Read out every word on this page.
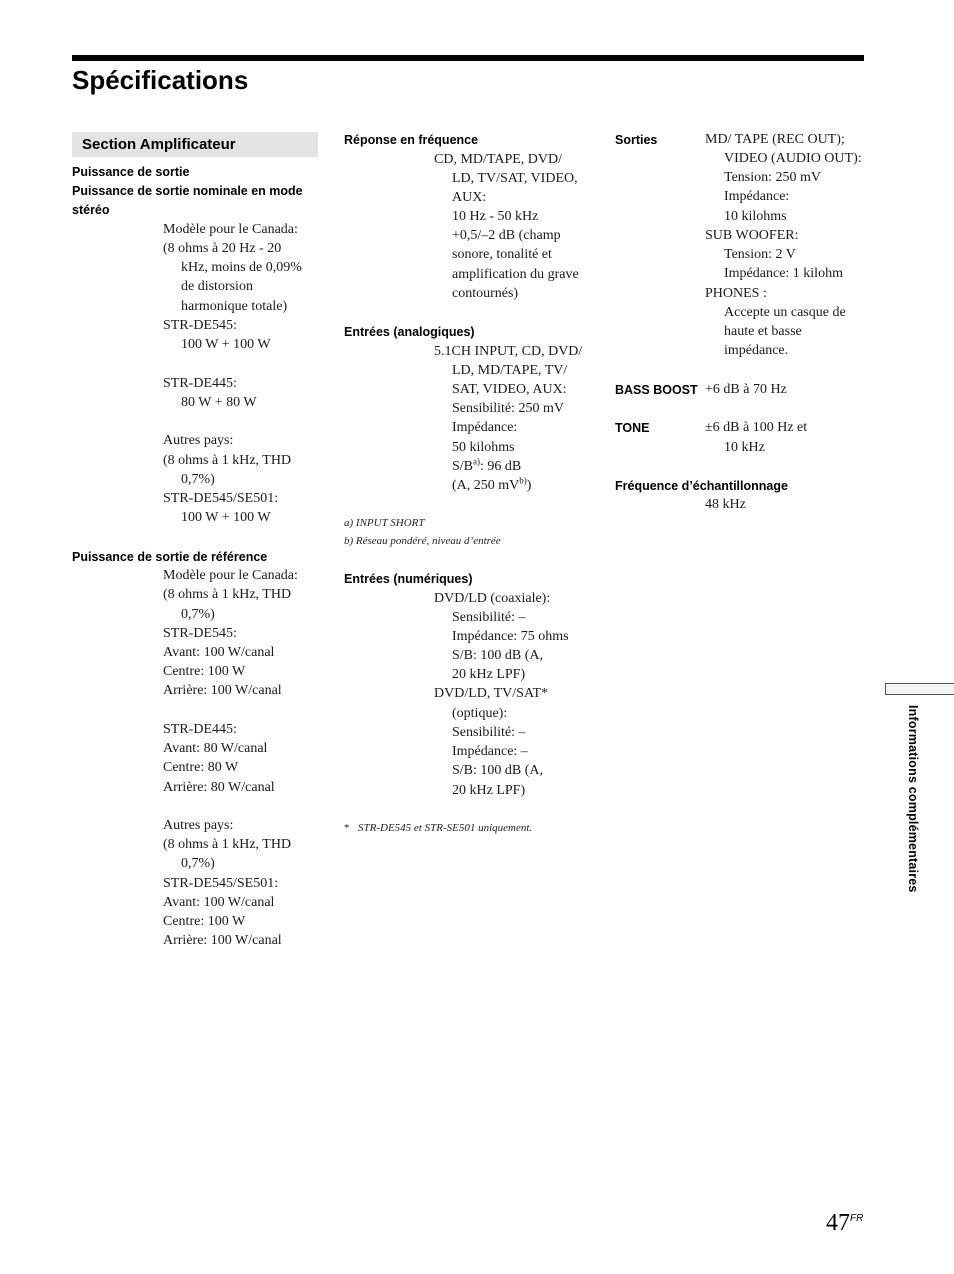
Spécifications
Section Amplificateur
Puissance de sortie
Puissance de sortie nominale en mode
stéréo
Modèle pour le Canada:
(8 ohms à 20 Hz - 20
kHz, moins de 0,09%
de distorsion
harmonique totale)
STR-DE545:
100 W + 100 W
STR-DE445:
80 W + 80 W
Autres pays:
(8 ohms à 1 kHz, THD
0,7%)
STR-DE545/SE501:
100 W + 100 W
Puissance de sortie de référence
Modèle pour le Canada:
(8 ohms à 1 kHz, THD
0,7%)
STR-DE545:
Avant: 100 W/canal
Centre: 100 W
Arrière: 100 W/canal
STR-DE445:
Avant: 80 W/canal
Centre: 80 W
Arrière: 80 W/canal
Autres pays:
(8 ohms à 1 kHz, THD
0,7%)
STR-DE545/SE501:
Avant: 100 W/canal
Centre: 100 W
Arrière: 100 W/canal
Réponse en fréquence
CD, MD/TAPE, DVD/
LD, TV/SAT, VIDEO,
AUX:
10 Hz - 50 kHz
+0,5/–2 dB (champ
sonore, tonalité et
amplification du grave
contournés)
Entrées (analogiques)
5.1CH INPUT, CD, DVD/
LD, MD/TAPE, TV/
SAT, VIDEO, AUX:
Sensibilité: 250 mV
Impédance:
50 kilohms
$S/B^{a)}$: 96 dB
(A, 250 $mV^{b)}$)
a) INPUT SHORT
b) Réseau pondéré, niveau d’entrée
Entrées (numériques)
DVD/LD (coaxiale):
Sensibilité: –
Impédance: 75 ohms
S/B: 100 dB (A,
20 kHz LPF)
DVD/LD, TV/SAT*
(optique):
Sensibilité: –
Impédance: –
S/B: 100 dB (A,
20 kHz LPF)
* STR-DE545 et STR-SE501 uniquement.
Sorties	MD/ TAPE (REC OUT);
VIDEO (AUDIO OUT):
Tension: 250 mV
Impédance:
10 kilohms
SUB WOOFER:
Tension: 2 V
Impédance: 1 kilohm
PHONES :
Accepte un casque de
haute et basse
impédance.
BASS BOOST +6 dB à 70 Hz
TONE	±6 dB à 100 Hz et
10 kHz
Fréquence d’échantillonnage
48 kHz
Informations complémentaires
$47^{FR}$
